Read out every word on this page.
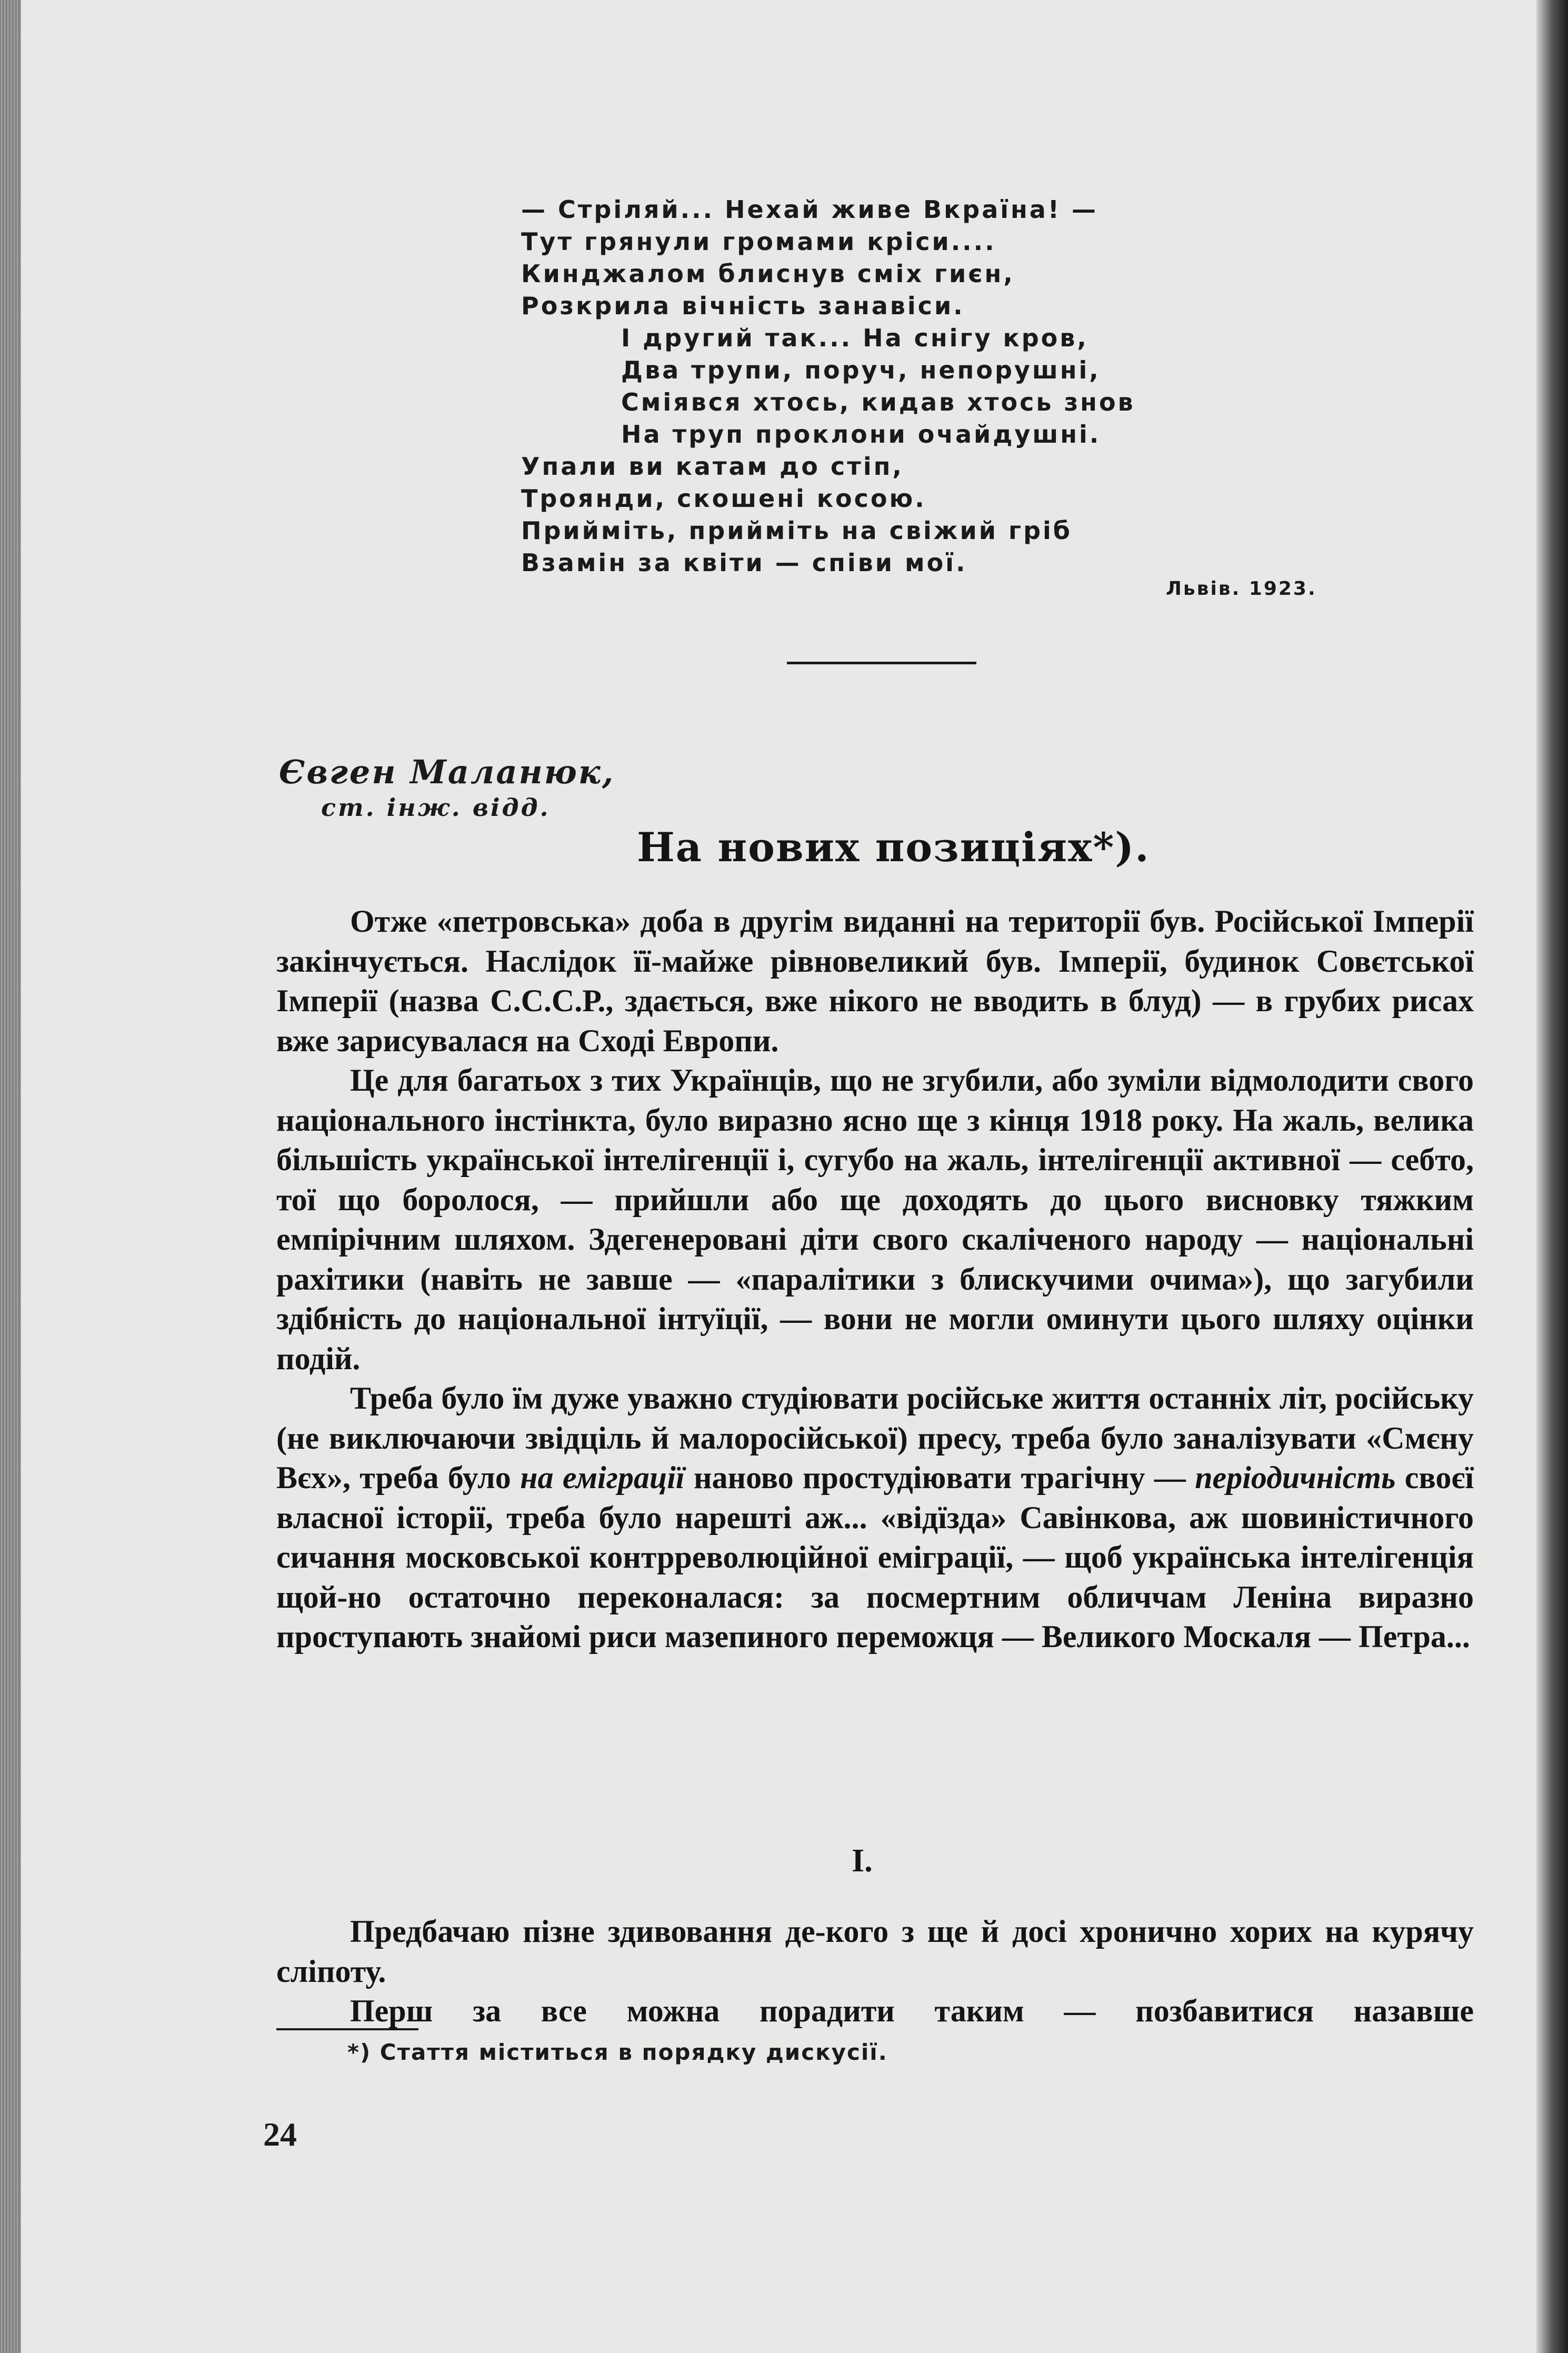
— Стріляй... Нехай живе Вкраїна! —
Тут грянули громами кріси....
Кинджалом блиснув сміх гиєн,
Розкрила вічність занавіси.
І другий так... На снігу кров,
Два трупи, поруч, непорушні,
Сміявся хтось, кидав хтось знов
На труп проклони очайдушні.
Упали ви катам до стіп,
Троянди, скошені косою.
Прийміть, прийміть на свіжий гріб
Взамін за квіти — співи мої.
Львів. 1923.
Євген Маланюк,
ст. інж. відд.
На нових позиціях*).

Отже «петровська» доба в другім виданні на території був. Російської Імперії закінчується. Наслідок її-майже рівновеликий був. Імперії, будинок Совєтської Імперії (назва С.С.С.Р., здається, вже нікого не вводить в блуд) — в грубих рисах вже зарисувалася на Сході Европи.

Це для багатьох з тих Українців, що не згубили, або зуміли відмолодити свого національного інстінкта, було виразно ясно ще з кінця 1918 року. На жаль, велика більшість української інтелігенції і, сугубо на жаль, інтелігенції активної — себто, тої що боролося, — прийшли або ще доходять до цього висновку тяжким емпірічним шляхом. Здегенеровані діти свого скаліченого народу — національні рахітики (навіть не завше — «паралітики з блискучими очима»), що загубили здібність до національної інтуїції, — вони не могли оминути цього шляху оцінки подій.

Треба було їм дуже уважно студіювати російське життя останніх літ, російську (не виключаючи звідціль й малоросійської) пресу, треба було заналізувати «Смєну Вєх», треба було на еміграції наново простудіювати трагічну — періодичність своєї власної історії, треба було нарешті аж... «відїзда» Савінкова, аж шовиністичного сичання московської контрреволюційної еміграції, — щоб українська інтелігенція щой-но остаточно переконалася: за посмертним обличчам Леніна виразно проступають знайомі риси мазепиного переможця — Великого Москаля — Петра...

I.

Предбачаю пізне здивовання де-кого з ще й досі хронично хорих на курячу сліпоту.

Перш за все можна порадити таким — позбавитися назавше

*) Стаття міститься в порядку дискусії.
24
